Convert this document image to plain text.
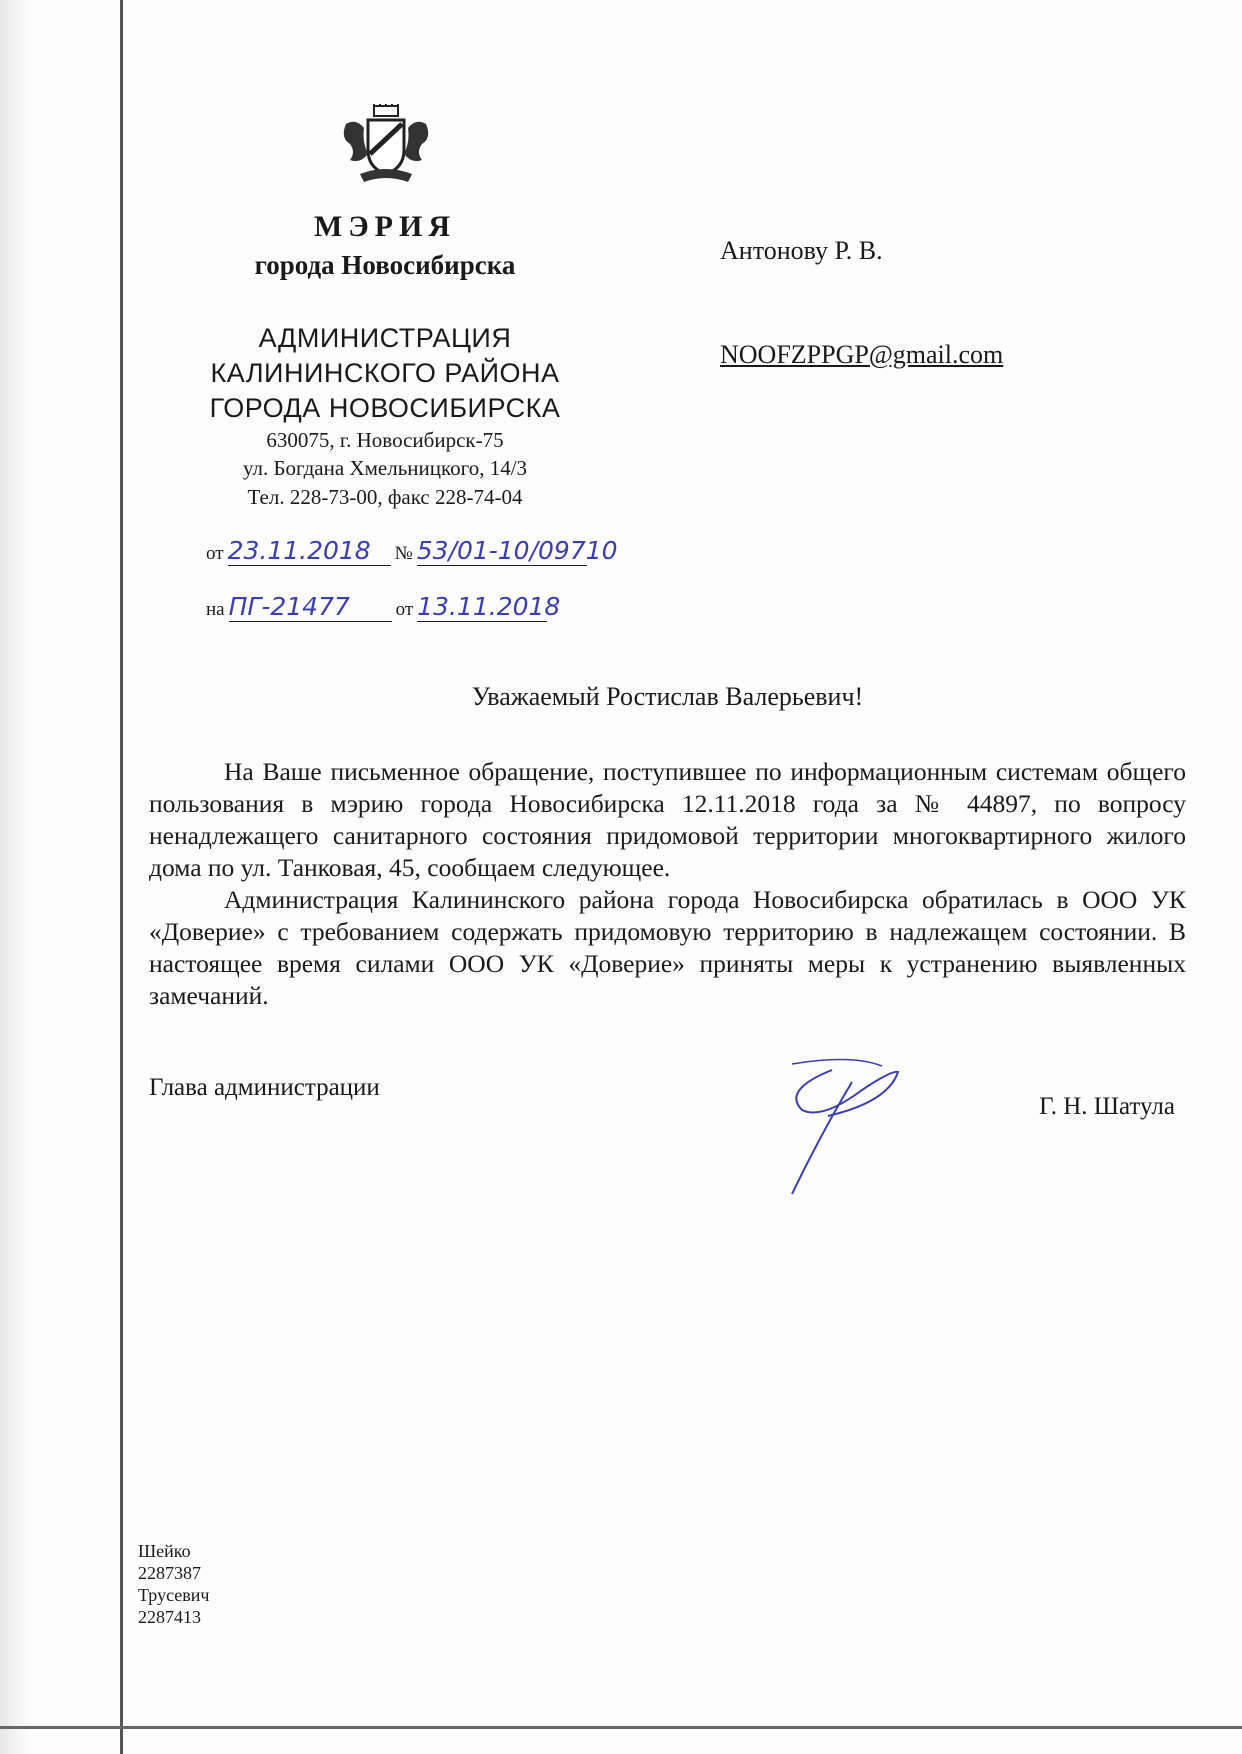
МЭРИЯ
города Новосибирска
АДМИНИСТРАЦИЯ
КАЛИНИНСКОГО РАЙОНА
ГОРОДА НОВОСИБИРСКА
630075, г. Новосибирск-75
ул. Богдана Хмельницкого, 14/3
Тел. 228-73-00, факс 228-74-04
от 23.11.2018 № 53/01-10/09710
на ПГ-21477 от 13.11.2018
Антонову Р. В.
NOOFZPPGP@gmail.com
Уважаемый Ростислав Валерьевич!

На Ваше письменное обращение, поступившее по информационным системам общего пользования в мэрию города Новосибирска 12.11.2018 года за № 44897, по вопросу ненадлежащего санитарного состояния придомовой территории многоквартирного жилого дома по ул. Танковая, 45, сообщаем следующее.

Администрация Калининского района города Новосибирска обратилась в ООО УК «Доверие» с требованием содержать придомовую территорию в надлежащем состоянии. В настоящее время силами ООО УК «Доверие» приняты меры к устранению выявленных замечаний.

Глава администрации
Г. Н. Шатула
Шейко
2287387
Трусевич
2287413
